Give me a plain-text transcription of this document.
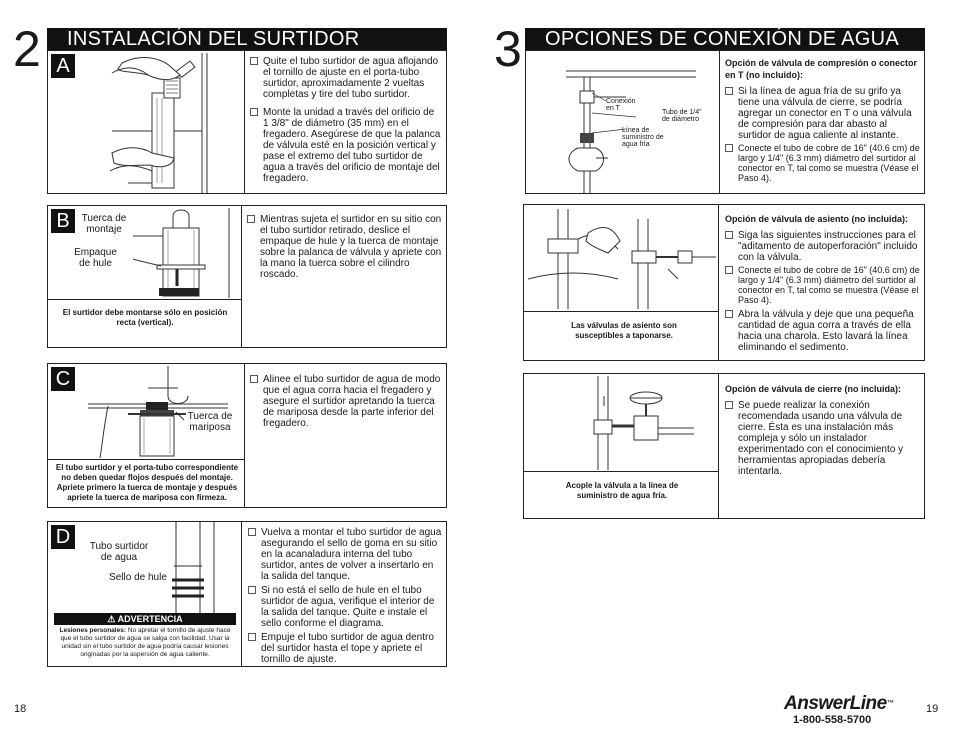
2	INSTALACIÓN DEL SURTIDOR
A	Quite el tubo surtidor de agua aflojando el tornillo de ajuste en el porta-tubo surtidor, aproximadamente 2 vueltas completas y tire del tubo surtidor.
Monte la unidad a través del orificio de 1 3/8" de diámetro (35 mm) en el fregadero. Asegúrese de que la palanca de válvula esté en la posición vertical y pase el extremo del tubo surtidor de agua a través del orificio de montaje del fregadero.
B	Tuerca de montaje
Empaque de hule
El surtidor debe montarse sólo en posición recta (vertical).
Mientras sujeta el surtidor en su sitio con el tubo surtidor retirado, deslice el empaque de hule y la tuerca de montaje sobre la palanca de válvula y apriete con la mano la tuerca sobre el cilindro roscado.
C
Tuerca de mariposa
El tubo surtidor y el porta-tubo correspondiente no deben quedar flojos después del montaje. Apriete primero la tuerca de montaje y después apriete la tuerca de mariposa con firmeza.
Alinee el tubo surtidor de agua de modo que el agua corra hacia el fregadero y asegure el surtidor apretando la tuerca de mariposa desde la parte inferior del fregadero.
D	Tubo surtidor de agua
Sello de hule
⚠ ADVERTENCIA
Lesiones personales: No apretar el tornillo de ajuste hace que el tubo surtidor de agua se salga con facilidad. Usar la unidad sin el tubo surtidor de agua podría causar lesiones originadas por la aspersión de agua caliente.
Vuelva a montar el tubo surtidor de agua asegurando el sello de goma en su sitio en la acanaladura interna del tubo surtidor, antes de volver a insertarlo en la salida del tanque.
Si no está el sello de hule en el tubo surtidor de agua, verifique el interior de la salida del tanque. Quite e instale el sello conforme el diagrama.
Empuje el tubo surtidor de agua dentro del surtidor hasta el tope y apriete el tornillo de ajuste.
18
3	OPCIONES DE CONEXIÓN DE AGUA
Conexión en T
Tubo de 1/4" de diámetro
Línea de suministro de agua fría
Opción de válvula de compresión o conector en T (no incluido):
Si la línea de agua fría de su grifo ya tiene una válvula de cierre, se podría agregar un conector en T o una válvula de compresión para dar abasto al surtidor de agua caliente al instante.
Conecte el tubo de cobre de 16" (40.6 cm) de largo y 1/4" (6.3 mm) diámetro del surtidor al conector en T, tal como se muestra (Véase el Paso 4).
Las válvulas de asiento son susceptibles a taponarse.
Opción de válvula de asiento (no incluida):
Siga las siguientes instrucciones para el "aditamento de autoperforación" incluido con la válvula.
Conecte el tubo de cobre de 16" (40.6 cm) de largo y 1/4" (6.3 mm) diámetro del surtidor al conector en T, tal como se muestra (Véase el Paso 4).
Abra la válvula y deje que una pequeña cantidad de agua corra a través de ella hacia una charola. Esto lavará la línea eliminando el sedimento.
Acople la válvula a la línea de suministro de agua fría.
Opción de válvula de cierre (no incluida):
Se puede realizar la conexión recomendada usando una válvula de cierre. Ésta es una instalación más compleja y sólo un instalador experimentado con el conocimiento y herramientas apropiadas debería intentarla.
AnswerLine™
1-800-558-5700
19
